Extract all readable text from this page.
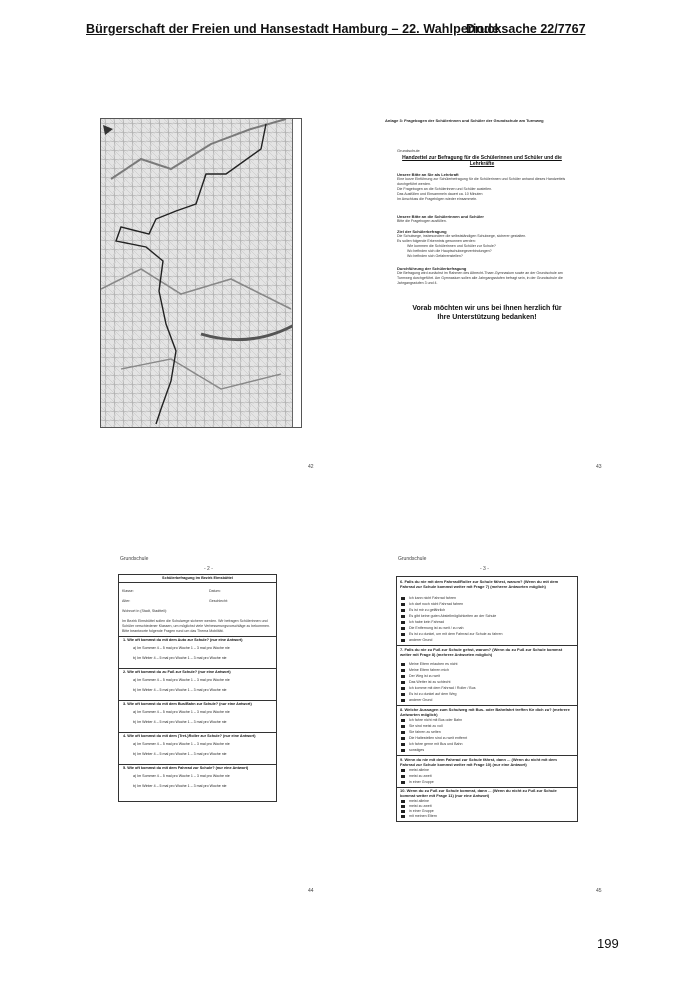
Bürgerschaft der Freien und Hansestadt Hamburg – 22. Wahlperiode
Drucksache 22/7767
42
Anlage 3: Fragebogen der Schülerinnen und Schüler der Grundschule am Turmweg
Grundschule
Handzettel zur Befragung für die Schülerinnen und Schüler und die Lehrkräfte
Unsere Bitte an Sie als Lehrkraft
Eine kurze Einführung zur Schülerbefragung für die Schülerinnen und Schüler anhand dieses Handzettels durchgeführt werden.
Die Fragebogen an die Schülerinnen und Schüler austeilen.
Das Ausfüllen und Einsammeln dauert ca. 10 Minuten
Im Anschluss die Fragebögen wieder einsammeln.
Unsere Bitte an die Schülerinnen und Schüler
Bitte die Fragebogen ausfüllen.
Ziel der Schülerbefragung
Die Schulwege, insbesondere die selbstständigen Schulwege, sicherer gestalten.
Es sollen folgende Erkenntnis gewonnen werden:
Wie kommen die Schülerinnen und Schüler zur Schule?
Wo befinden sich die Hauptschulwegeverbindungen?
Wo befinden sich Gefahrenstellen?
Durchführung der Schülerbefragung
Die Befragung wird zunächst im Rahmen des Albrecht-Thaer-Gymnasium sowie an der Grundschule am Turmweg durchgeführt. Am Gymnasium sollen alle Jahrgangsstufen befragt sein, in der Grundschule die Jahrgangsstufen 3 und 4.
Vorab möchten wir uns bei Ihnen herzlich für Ihre Unterstützung bedanken!
43
Grundschule
- 2 -
Schülerbefragung im Bezirk Eimsbüttel
Klasse:	Datum:
Alter:	Geschlecht:
Wohnort in (Stadt, Stadtteil):
Im Bezirk Eimsbüttel sollen die Schulwege sicherer werden. Wir befragen Schülerinnen und Schüler verschiedener Klassen, um möglichst viele Verbesserungsvorschläge zu bekommen. Bitte beantworte folgende Fragen rund um das Thema Mobilität.
1. Wie oft kommst du mit dem Auto zur Schule? (nur eine Antwort)
a) Im Sommer 4 – 5 mal pro Woche 1 – 3 mal pro Woche nie
b) Im Winter 4 – 5 mal pro Woche 1 – 3 mal pro Woche nie
2. Wie oft kommst du zu Fuß zur Schule? (nur eine Antwort)
a) Im Sommer 4 – 5 mal pro Woche 1 – 3 mal pro Woche nie
b) Im Winter 4 – 5 mal pro Woche 1 – 3 mal pro Woche nie
3. Wie oft kommst du mit dem Bus/Bahn zur Schule? (nur eine Antwort)
a) Im Sommer 4 – 5 mal pro Woche 1 – 3 mal pro Woche nie
b) Im Winter 4 – 5 mal pro Woche 1 – 3 mal pro Woche nie
4. Wie oft kommst du mit dem (Tret-)Roller zur Schule? (nur eine Antwort)
a) Im Sommer 4 – 5 mal pro Woche 1 – 3 mal pro Woche nie
b) Im Winter 4 – 5 mal pro Woche 1 – 3 mal pro Woche nie
5. Wie oft kommst du mit dem Fahrrad zur Schule? (nur eine Antwort)
a) Im Sommer 4 – 5 mal pro Woche 1 – 3 mal pro Woche nie
b) Im Winter 4 – 5 mal pro Woche 1 – 3 mal pro Woche nie
44
Grundschule
- 3 -
6. Falls du nie mit dem Fahrrad/Roller zur Schule fährst, warum? (Wenn du mit dem Fahrrad zur Schule kommst weiter mit Frage 7) (mehrere Antworten möglich)
Ich kann nicht Fahrrad fahren
Ich darf noch nicht Fahrrad fahren
Es ist mir zu gefährlich
Es gibt keine guten Abstellmöglichkeiten an der Schule
Ich habe kein Fahrrad
Die Entfernung ist zu weit / zu nah
Es ist zu dunkel, um mit dem Fahrrad zur Schule zu fahren
anderer Grund
7. Falls du nie zu Fuß zur Schule gehst, warum? (Wenn du zu Fuß zur Schule kommst weiter mit Frage 8) (mehrere Antworten möglich)
Meine Eltern erlauben es nicht
Meine Eltern fahren mich
Der Weg ist zu weit
Das Wetter ist zu schlecht
Ich komme mit dem Fahrrad / Roller / Bus
Es ist zu dunkel auf dem Weg
anderer Grund
8. Welche Aussagen zum Schulweg mit Bus- oder Bahnfahrt treffen für dich zu? (mehrere Antworten möglich)
Ich fahre nicht mit Bus oder Bahn
Sie sind meist zu voll
Sie fahren zu selten
Die Haltestellen sind zu weit entfernt
Ich fahre gerne mit Bus und Bahn
sonstiges
9. Wenn du nie mit dem Fahrrad zur Schule fährst, dann ... (Wenn du nicht mit dem Fahrrad zur Schule kommst weiter mit Frage 10) (nur eine Antwort)
meist alleine
meist zu zweit
in einer Gruppe
10. Wenn du zu Fuß zur Schule kommst, dann ... (Wenn du nicht zu Fuß zur Schule kommst weiter mit Frage 11) (nur eine Antwort)
meist alleine
meist zu zweit
in einer Gruppe
mit meinen Eltern
45
199
